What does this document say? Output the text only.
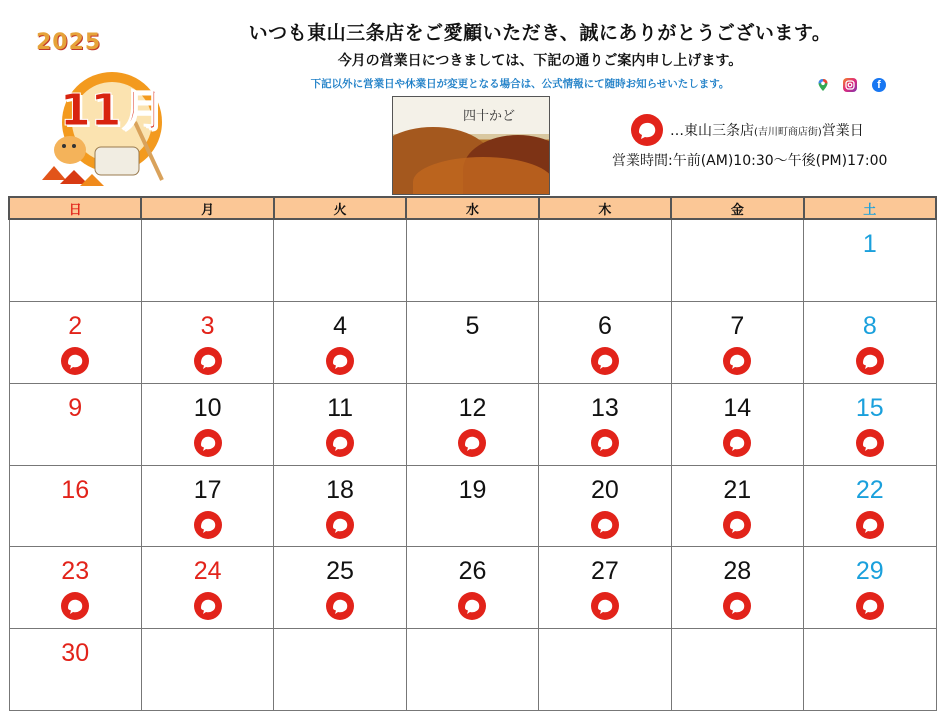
2025
11月
いつも東山三条店をご愛顧いただき、誠にありがとうございます。
今月の営業日につきましては、下記の通りご案内申し上げます。
下記以外に営業日や休業日が変更となる場合は、公式情報にて随時お知らせいたします。	f
四十かど
…東山三条店(吉川町商店街)営業日
営業時間:午前(AM)10:30～午後(PM)17:00
日	月	火	水	木	金	土

						1

2	3	4	5	6	7	8

9	10	11	12	13	14	15

16	17	18	19	20	21	22

23	24	25	26	27	28	29

30						
